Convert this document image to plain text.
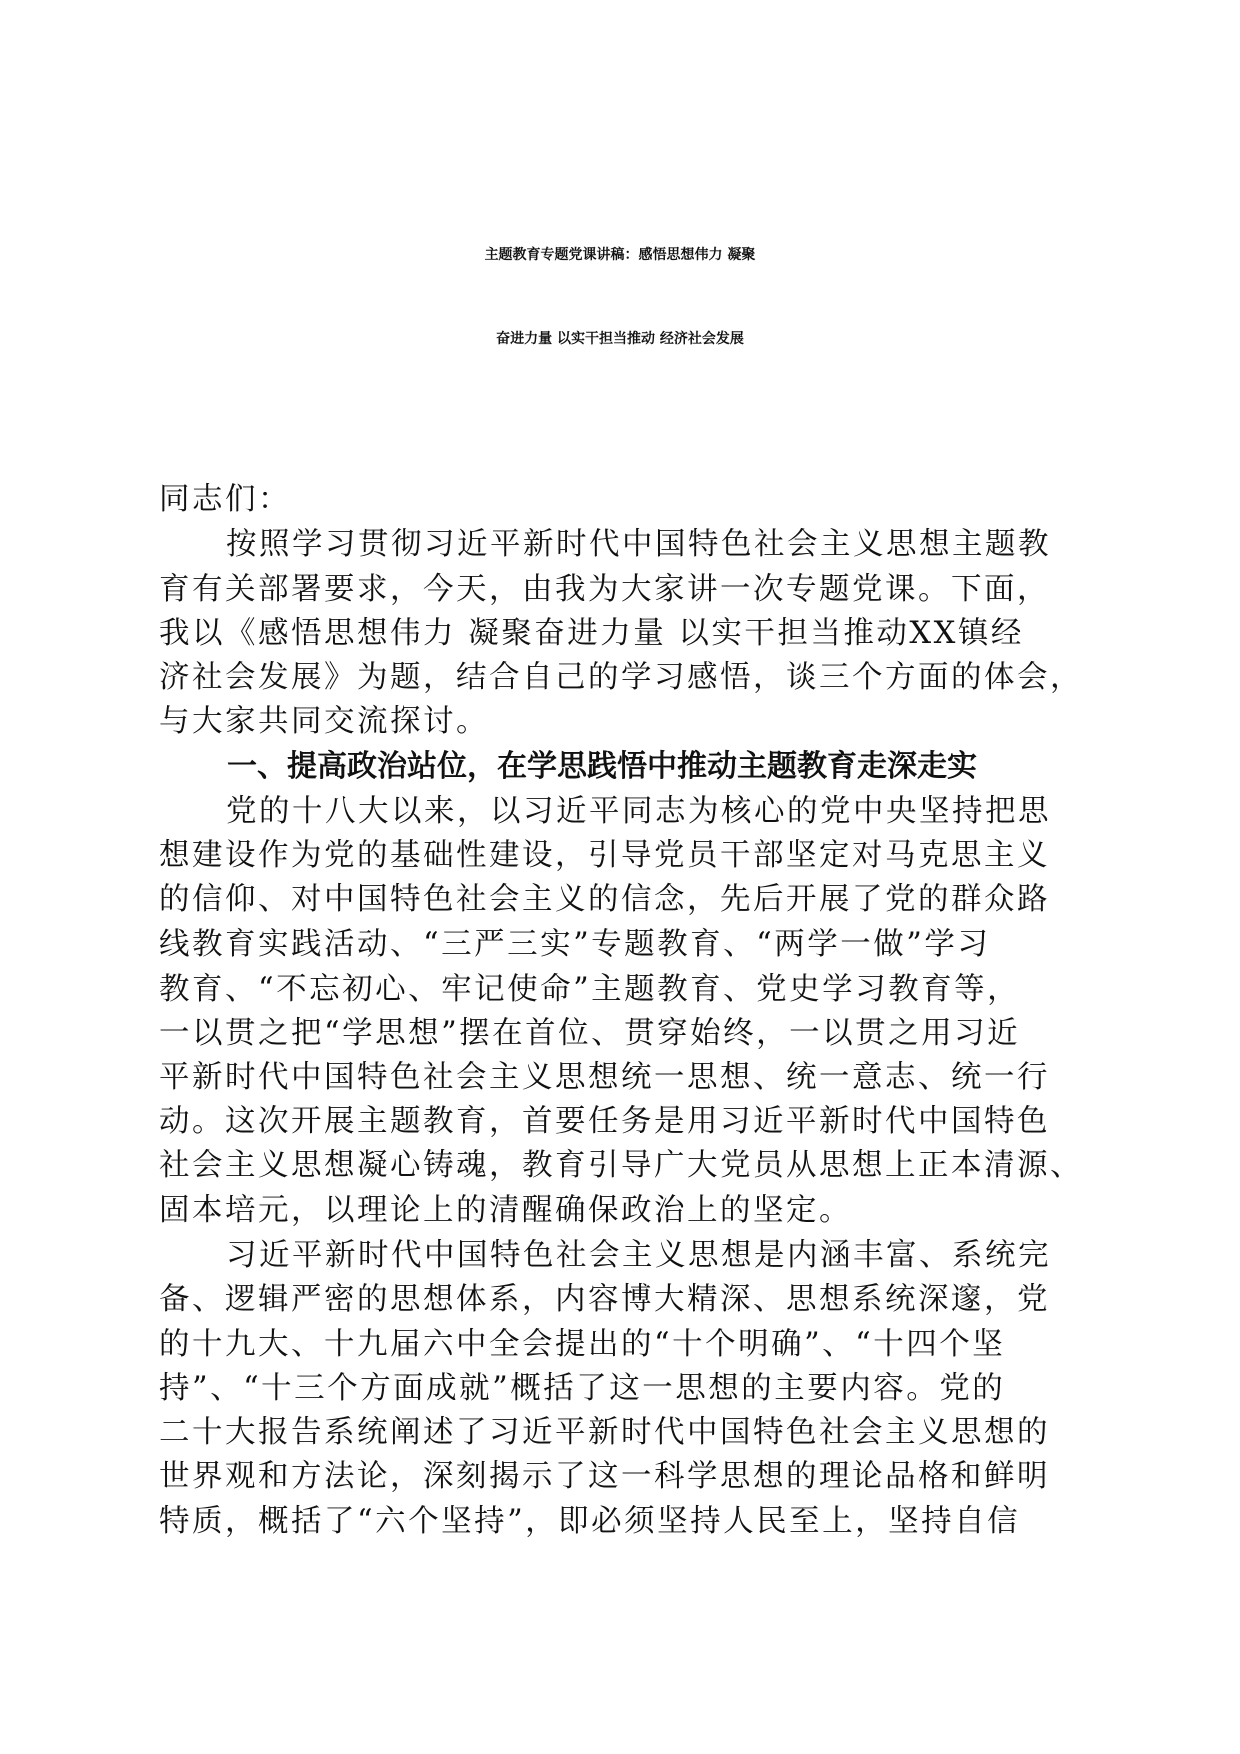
主题教育专题党课讲稿：感悟思想伟力 凝聚
奋进力量 以实干担当推动 经济社会发展

同志们：

按照学习贯彻习近平新时代中国特色社会主义思想主题教

育有关部署要求，今天，由我为大家讲一次专题党课。下面，

我以《感悟思想伟力 凝聚奋进力量 以实干担当推动XX镇经

济社会发展》为题，结合自己的学习感悟，谈三个方面的体会，

与大家共同交流探讨。

一、提高政治站位，在学思践悟中推动主题教育走深走实

党的十八大以来，以习近平同志为核心的党中央坚持把思

想建设作为党的基础性建设，引导党员干部坚定对马克思主义

的信仰、对中国特色社会主义的信念，先后开展了党的群众路

线教育实践活动、“三严三实”专题教育、“两学一做”学习

教育、“不忘初心、牢记使命”主题教育、党史学习教育等，

一以贯之把“学思想”摆在首位、贯穿始终，一以贯之用习近

平新时代中国特色社会主义思想统一思想、统一意志、统一行

动。这次开展主题教育，首要任务是用习近平新时代中国特色

社会主义思想凝心铸魂，教育引导广大党员从思想上正本清源、

固本培元，以理论上的清醒确保政治上的坚定。

习近平新时代中国特色社会主义思想是内涵丰富、系统完

备、逻辑严密的思想体系，内容博大精深、思想系统深邃，党

的十九大、十九届六中全会提出的“十个明确”、“十四个坚

持”、“十三个方面成就”概括了这一思想的主要内容。党的

二十大报告系统阐述了习近平新时代中国特色社会主义思想的

世界观和方法论，深刻揭示了这一科学思想的理论品格和鲜明

特质，概括了“六个坚持”，即必须坚持人民至上，坚持自信
